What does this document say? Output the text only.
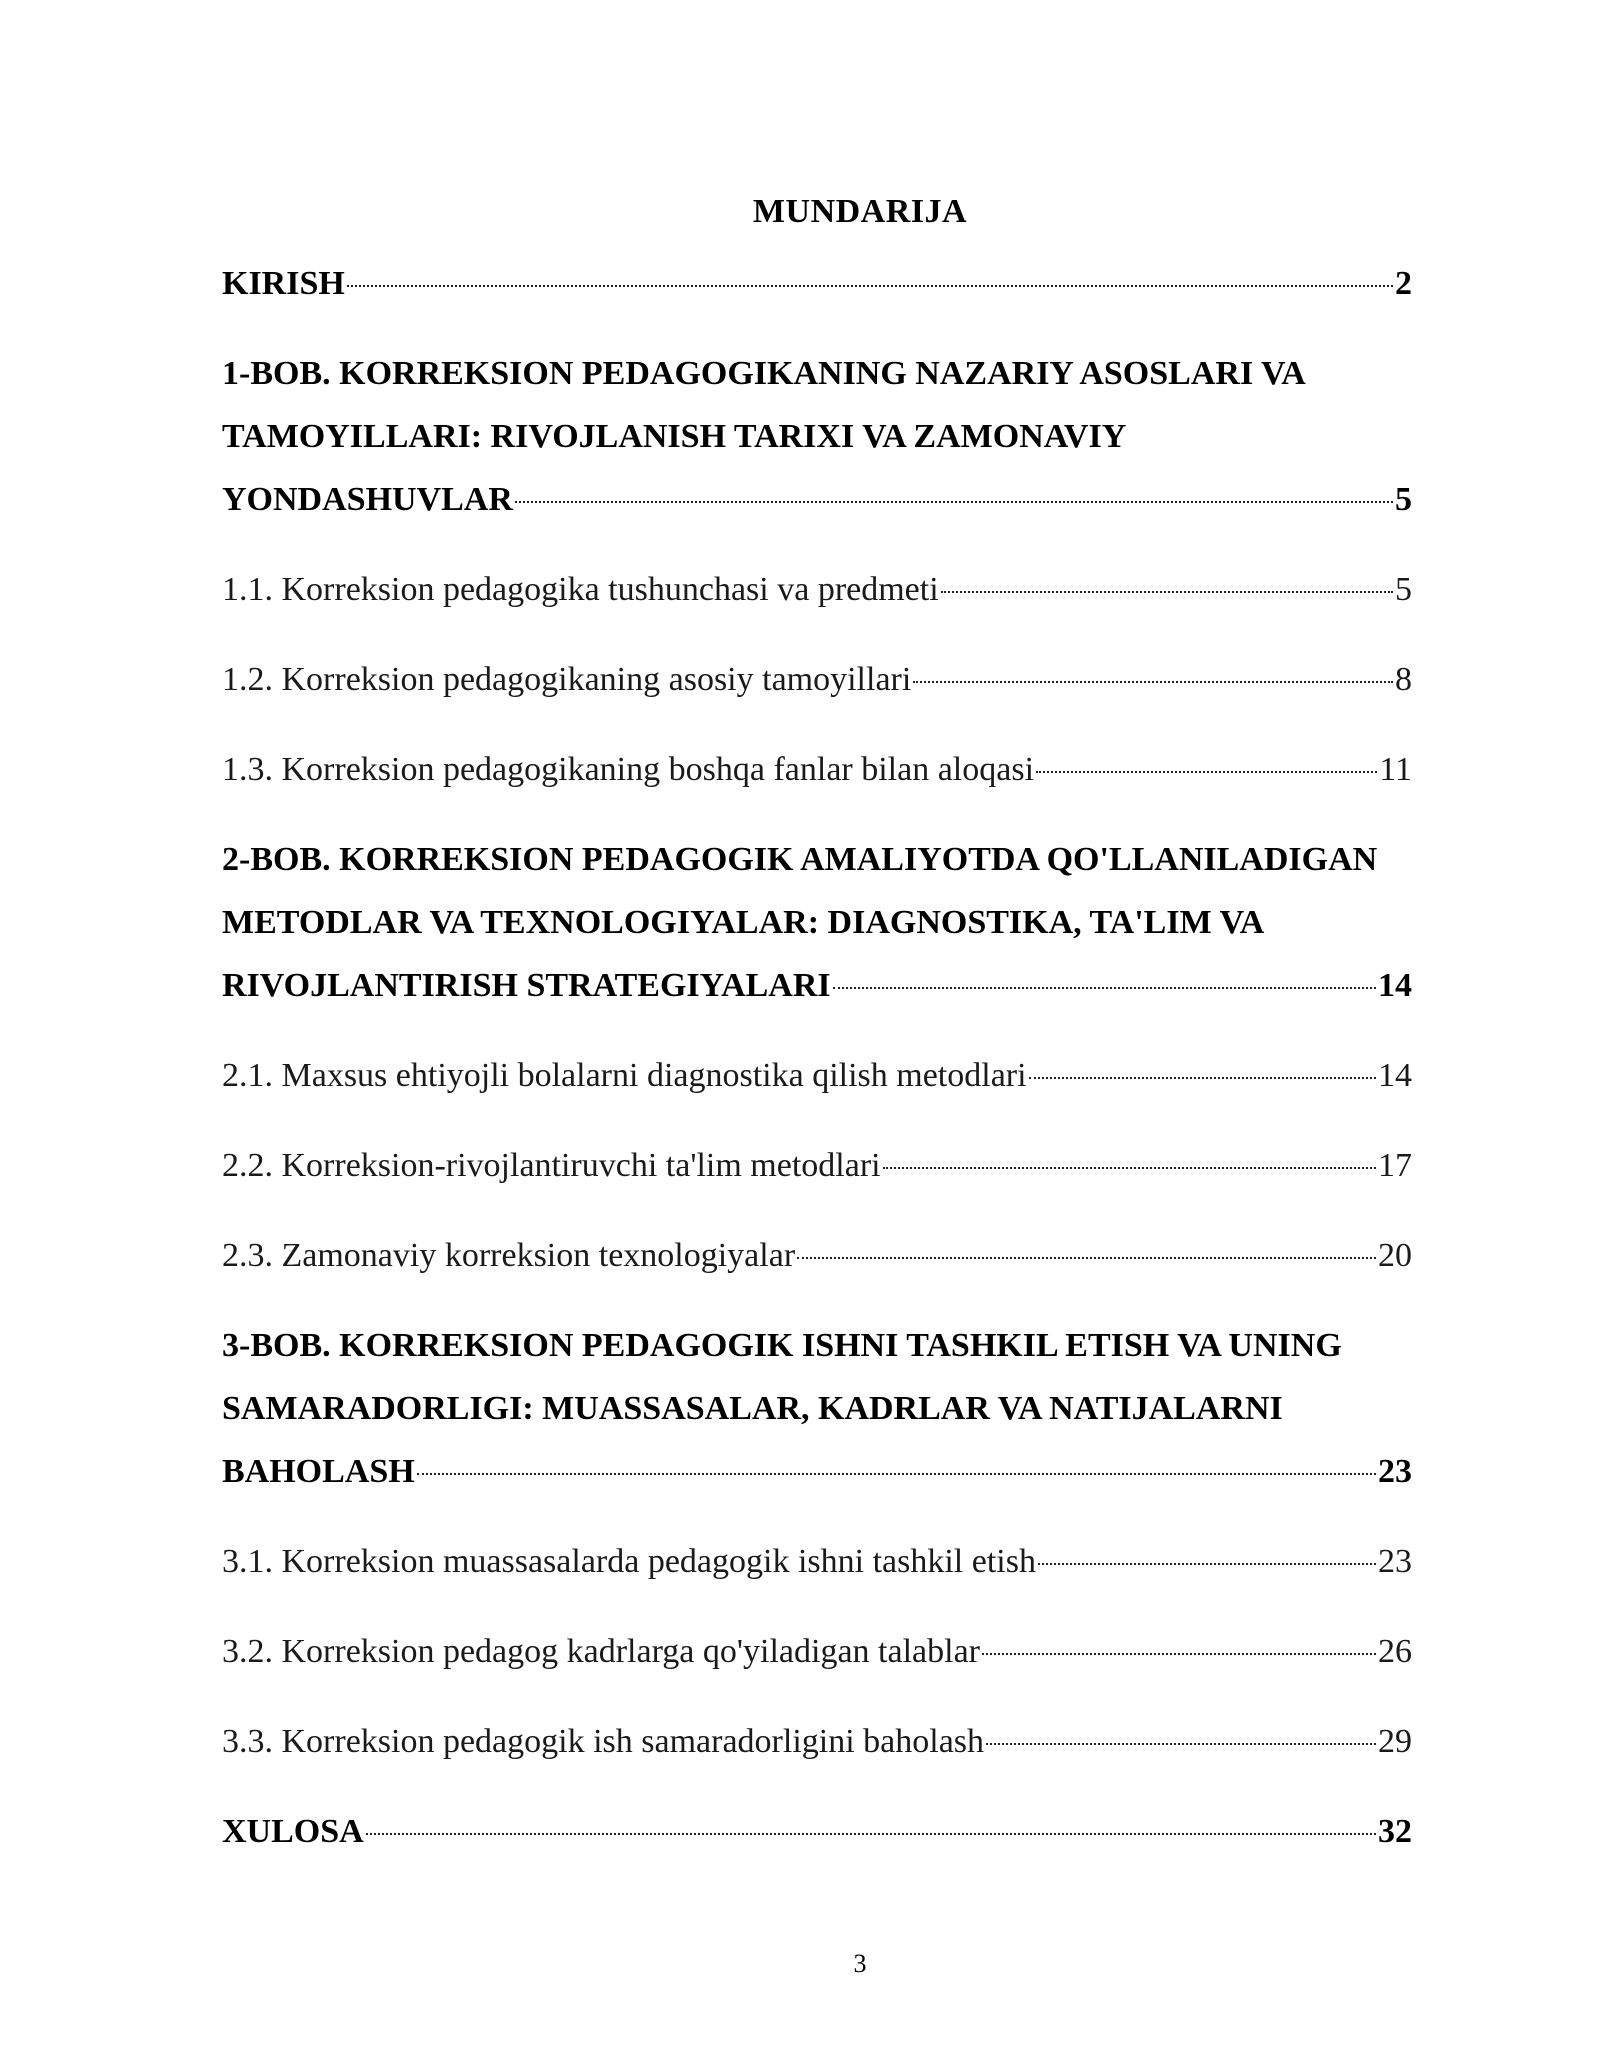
MUNDARIJA
KIRISH	2
1-BOB. KORREKSION PEDAGOGIKANING NAZARIY ASOSLARI VA
TAMOYILLARI: RIVOJLANISH TARIXI VA ZAMONAVIY
YONDASHUVLAR	5
1.1. Korreksion pedagogika tushunchasi va predmeti	5
1.2. Korreksion pedagogikaning asosiy tamoyillari	8
1.3. Korreksion pedagogikaning boshqa fanlar bilan aloqasi	11
2-BOB. KORREKSION PEDAGOGIK AMALIYOTDA QO'LLANILADIGAN
METODLAR VA TEXNOLOGIYALAR: DIAGNOSTIKA, TA'LIM VA
RIVOJLANTIRISH STRATEGIYALARI	14
2.1. Maxsus ehtiyojli bolalarni diagnostika qilish metodlari	14
2.2. Korreksion-rivojlantiruvchi ta'lim metodlari	17
2.3. Zamonaviy korreksion texnologiyalar	20
3-BOB. KORREKSION PEDAGOGIK ISHNI TASHKIL ETISH VA UNING
SAMARADORLIGI: MUASSASALAR, KADRLAR VA NATIJALARNI
BAHOLASH	23
3.1. Korreksion muassasalarda pedagogik ishni tashkil etish	23
3.2. Korreksion pedagog kadrlarga qo'yiladigan talablar	26
3.3. Korreksion pedagogik ish samaradorligini baholash	29
XULOSA	32
3
